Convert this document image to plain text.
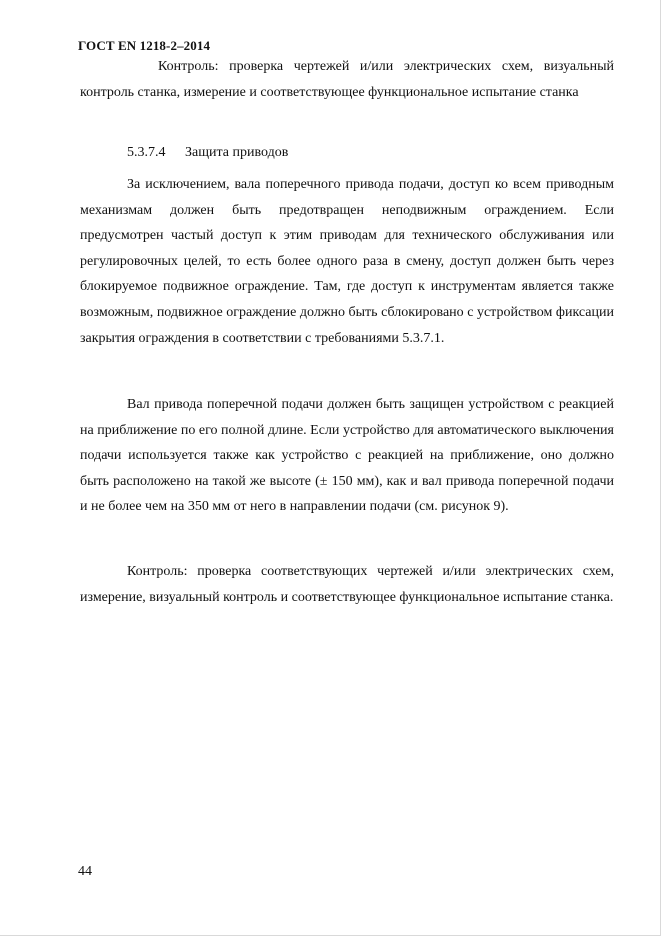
ГОСТ EN 1218-2–2014

Контроль: проверка чертежей и/или электрических схем, визуальный контроль станка, измерение и соответствующее функциональное испытание станка

5.3.7.4 Защита приводов

За исключением, вала поперечного привода подачи, доступ ко всем приводным механизмам должен быть предотвращен неподвижным ограждением. Если предусмотрен частый доступ к этим приводам для технического обслуживания или регулировочных целей, то есть более одного раза в смену, доступ должен быть через блокируемое подвижное ограждение. Там, где доступ к инструментам является также возможным, подвижное ограждение должно быть сблокировано с устройством фиксации закрытия ограждения в соответствии с требованиями 5.3.7.1.

Вал привода поперечной подачи должен быть защищен устройством с реакцией на приближение по его полной длине. Если устройство для автоматического выключения подачи используется также как устройство с реакцией на приближение, оно должно быть расположено на такой же высоте (± 150 мм), как и вал привода поперечной подачи и не более чем на 350 мм от него в направлении подачи (см. рисунок 9).

Контроль: проверка соответствующих чертежей и/или электрических схем, измерение, визуальный контроль и соответствующее функциональное испытание станка.

44
